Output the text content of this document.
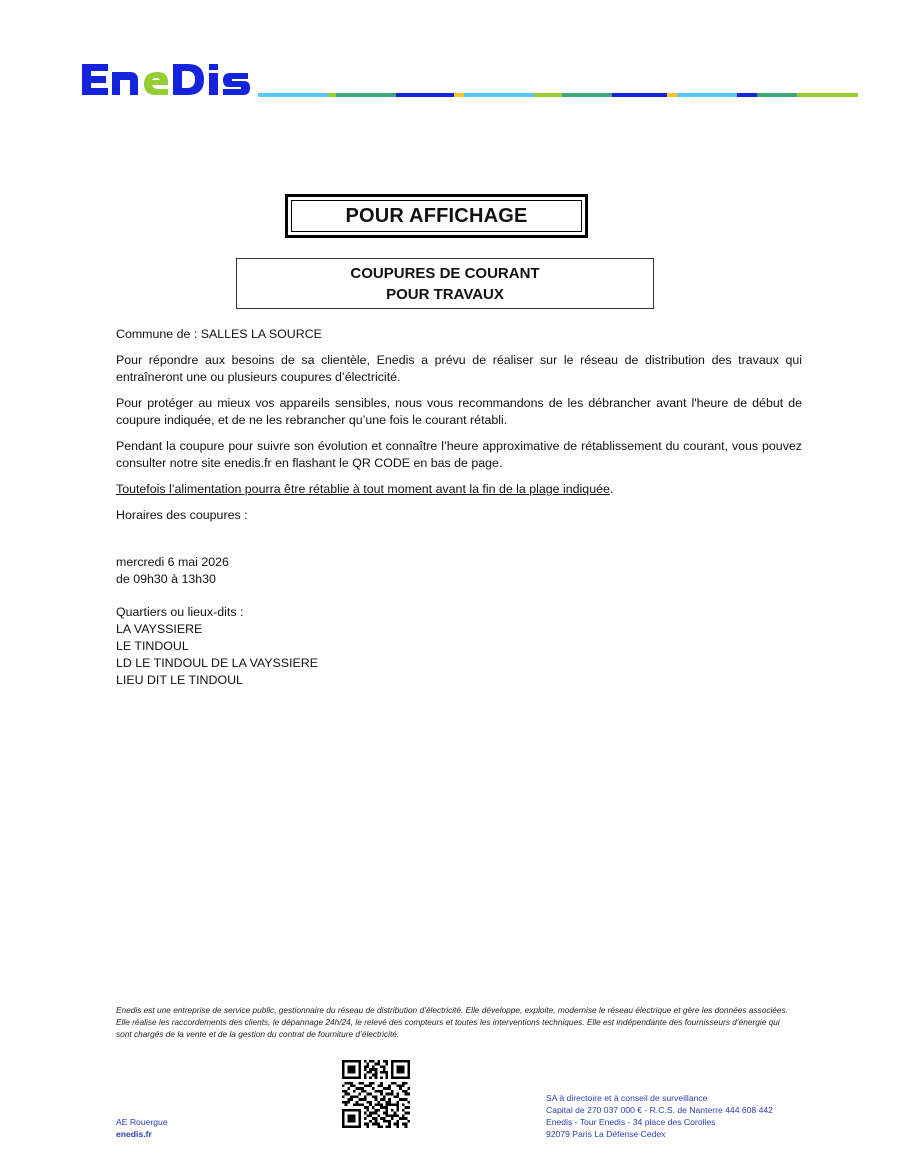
POUR AFFICHAGE
COUPURES DE COURANT
POUR TRAVAUX

Commune de : SALLES LA SOURCE

Pour répondre aux besoins de sa clientèle, Enedis a prévu de réaliser sur le réseau de distribution des travaux qui entraîneront une ou plusieurs coupures d’électricité.

Pour protéger au mieux vos appareils sensibles, nous vous recommandons de les débrancher avant l'heure de début de coupure indiquée, et de ne les rebrancher qu’une fois le courant rétabli.

Pendant la coupure pour suivre son évolution et connaître l’heure approximative de rétablissement du courant, vous pouvez consulter notre site enedis.fr en flashant le QR CODE en bas de page.

Toutefois l’alimentation pourra être rétablie à tout moment avant la fin de la plage indiquée.

Horaires des coupures :

mercredi 6 mai 2026
de 09h30 à 13h30
Quartiers ou lieux-dits :
LA VAYSSIERE
LE TINDOUL
LD LE TINDOUL DE LA VAYSSIERE
LIEU DIT LE TINDOUL
Enedis est une entreprise de service public, gestionnaire du réseau de distribution d’électricité. Elle développe, exploite, modernise le réseau électrique et gère les données associées. Elle réalise les raccordements des clients, le dépannage 24h/24, le relevé des compteurs et toutes les interventions techniques. Elle est indépendante des fournisseurs d’énergie qui sont chargés de la vente et de la gestion du contrat de fourniture d’électricité.
AE Rouergue
enedis.fr
SA à directoire et à conseil de surveillance
Capital de 270 037 000 € - R.C.S. de Nanterre 444 608 442
Enedis - Tour Enedis - 34 place des Corolles
92079 Paris La Défense Cedex
